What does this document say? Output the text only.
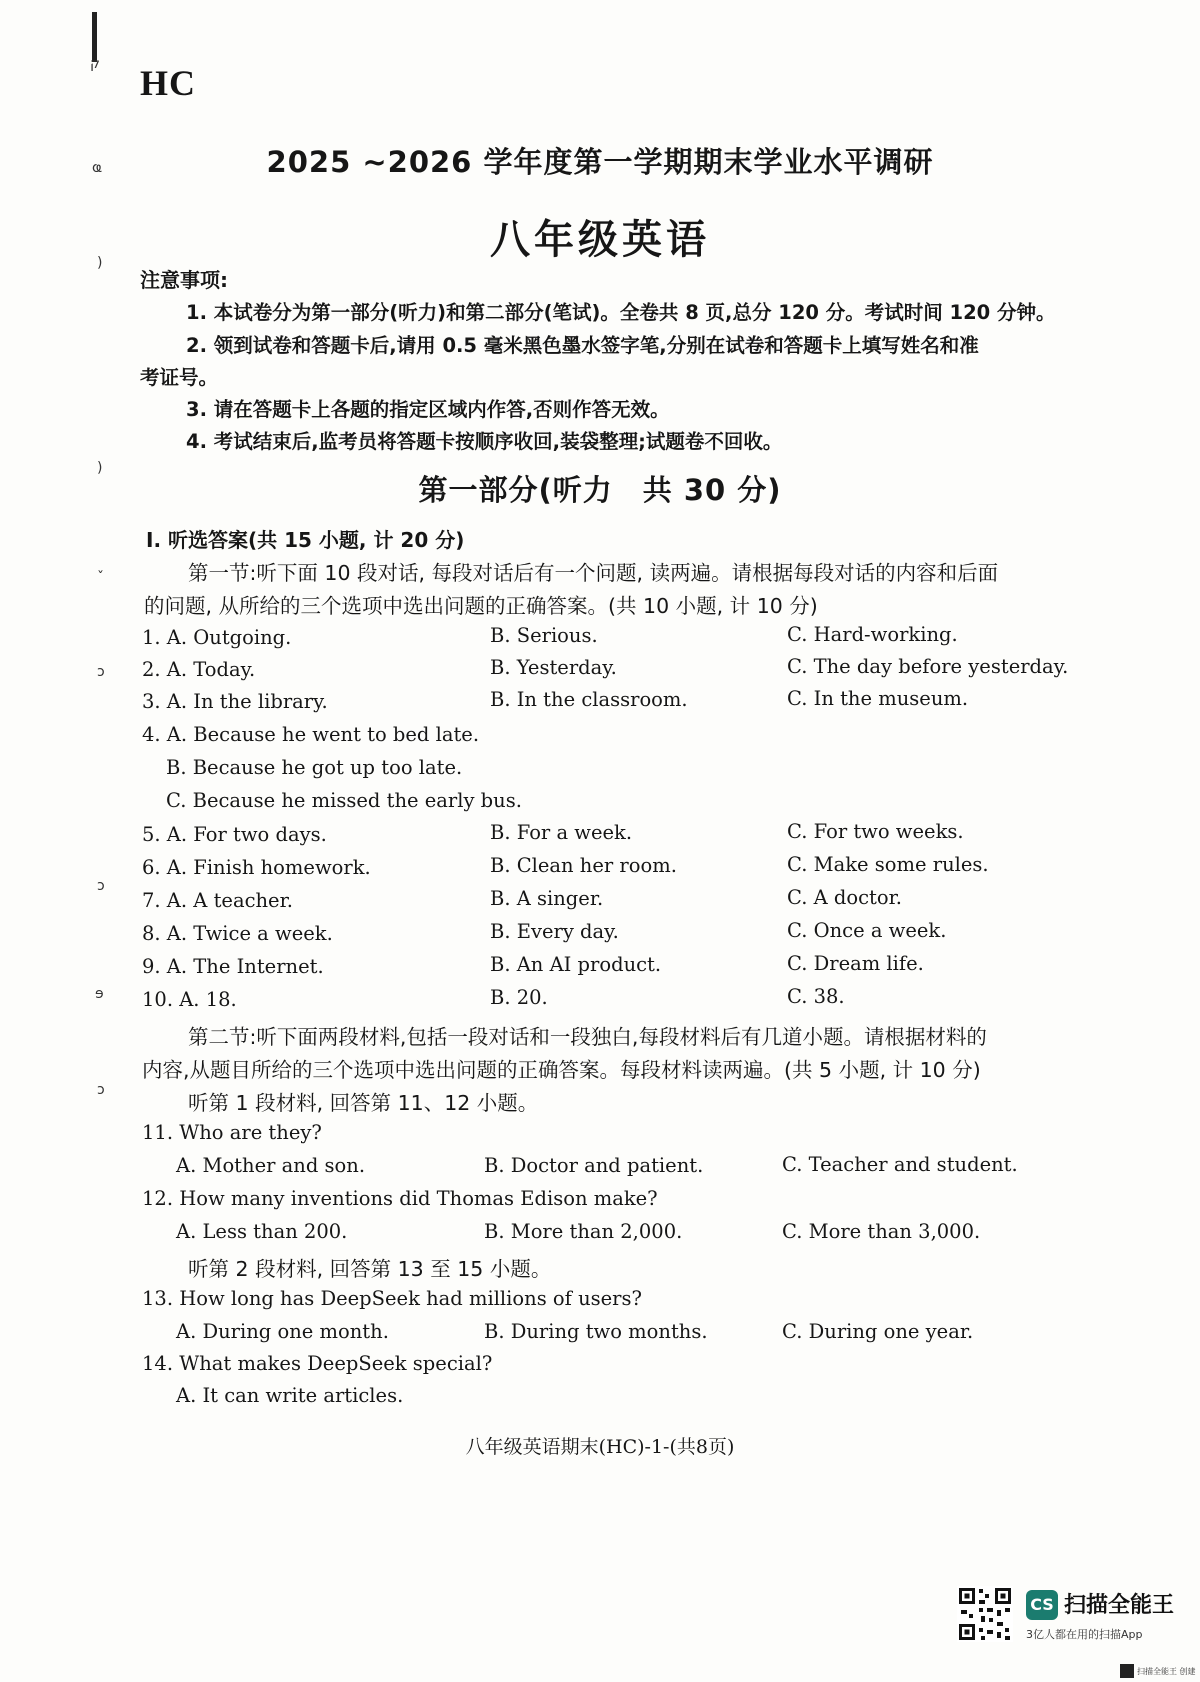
ק
ҩ
)
)
ˇ
ↄ
ↄ
ɘ
ↄ
HC
2025 ~2026 学年度第一学期期末学业水平调研
八年级英语
注意事项:
1. 本试卷分为第一部分(听力)和第二部分(笔试)。全卷共 8 页,总分 120 分。考试时间 120 分钟。
2. 领到试卷和答题卡后,请用 0.5 毫米黑色墨水签字笔,分别在试卷和答题卡上填写姓名和准
考证号。
3. 请在答题卡上各题的指定区域内作答,否则作答无效。
4. 考试结束后,监考员将答题卡按顺序收回,装袋整理;试题卷不回收。
第一部分(听力　共 30 分)
Ⅰ. 听选答案(共 15 小题, 计 20 分)
第一节:听下面 10 段对话, 每段对话后有一个问题, 读两遍。请根据每段对话的内容和后面
的问题, 从所给的三个选项中选出问题的正确答案。(共 10 小题, 计 10 分)
1. A. Outgoing.	B. Serious.	C. Hard-working.
2. A. Today.	B. Yesterday.	C. The day before yesterday.
3. A. In the library.	B. In the classroom.	C. In the museum.
4. A. Because he went to bed late.
B. Because he got up too late.
C. Because he missed the early bus.
5. A. For two days.	B. For a week.	C. For two weeks.
6. A. Finish homework.	B. Clean her room.	C. Make some rules.
7. A. A teacher.	B. A singer.	C. A doctor.
8. A. Twice a week.	B. Every day.	C. Once a week.
9. A. The Internet.	B. An AI product.	C. Dream life.
10. A. 18.	B. 20.	C. 38.
第二节:听下面两段材料,包括一段对话和一段独白,每段材料后有几道小题。请根据材料的
内容,从题目所给的三个选项中选出问题的正确答案。每段材料读两遍。(共 5 小题, 计 10 分)
听第 1 段材料, 回答第 11、12 小题。
11. Who are they?
A. Mother and son.	B. Doctor and patient.	C. Teacher and student.
12. How many inventions did Thomas Edison make?
A. Less than 200.	B. More than 2,000.	C. More than 3,000.
听第 2 段材料, 回答第 13 至 15 小题。
13. How long has DeepSeek had millions of users?
A. During one month.	B. During two months.	C. During one year.
14. What makes DeepSeek special?
A. It can write articles.
八年级英语期末(HC)-1-(共8页)
CS 扫描全能王
3亿人都在用的扫描App
扫描全能王 创建
